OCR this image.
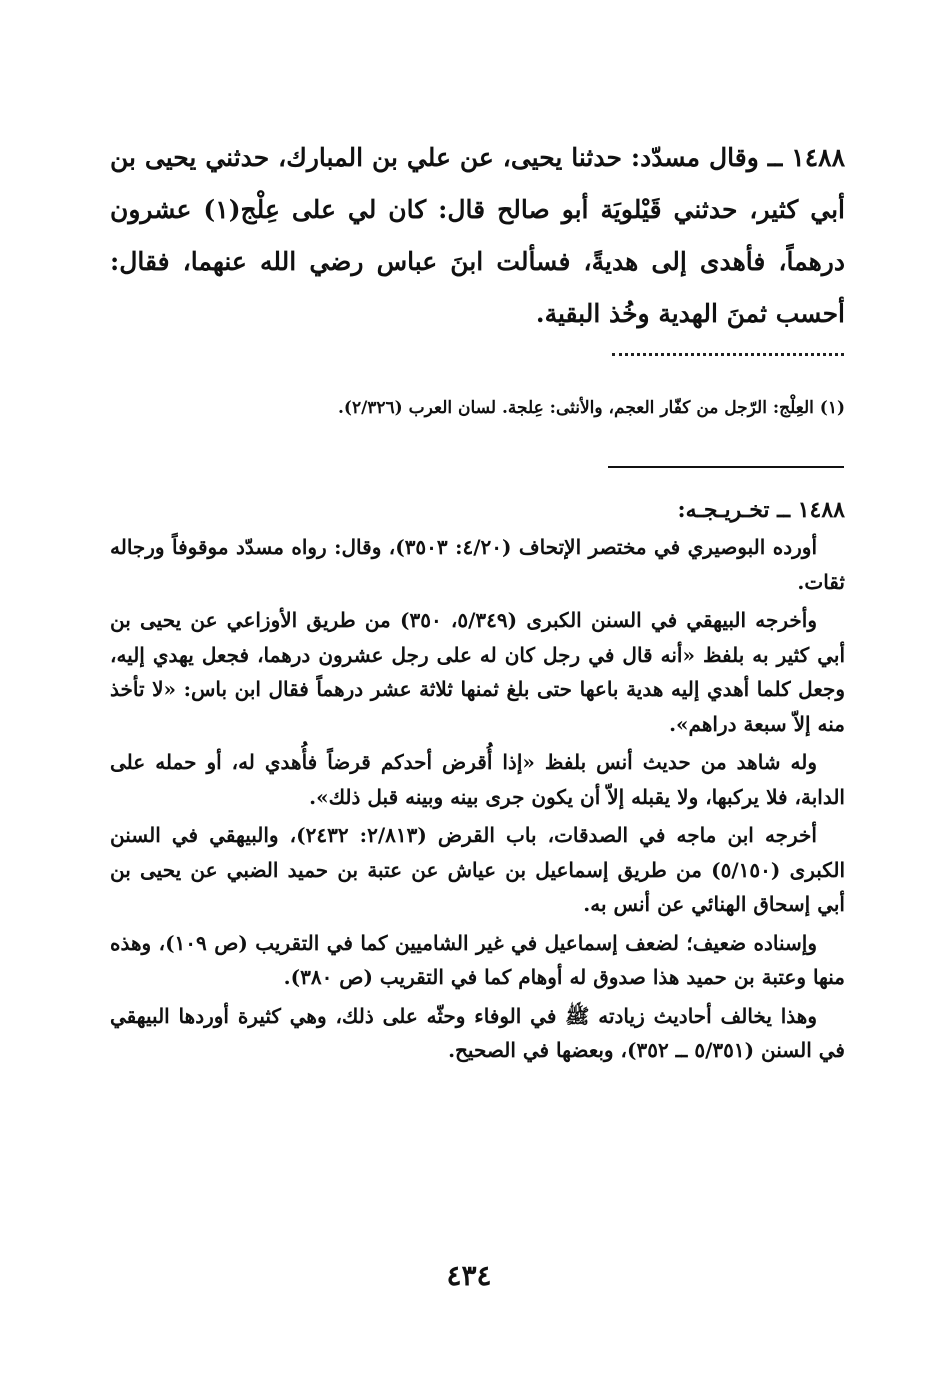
١٤٨٨ ــ وقال مسدّد: حدثنا يحيى، عن علي بن المبارك، حدثني يحيى بن أبي كثير، حدثني قَيْلويَة أبو صالح قال: كان لي على عِلْج(١) عشرون درهماً، فأهدى إلى هديةً، فسألت ابنَ عباس رضي الله عنهما، فقال: أحسب ثمنَ الهدية وخُذ البقية.

(١) العِلْج: الرّجل من كفّار العجم، والأنثى: عِلجة. لسان العرب (٢/٣٢٦).

١٤٨٨ ــ تخـريـجـه:

أورده البوصيري في مختصر الإتحاف (٤/٢٠: ٣٥٠٣)، وقال: رواه مسدّد موقوفاً ورجاله ثقات.

وأخرجه البيهقي في السنن الكبرى (٥/٣٤٩، ٣٥٠) من طريق الأوزاعي عن يحيى بن أبي كثير به بلفظ «أنه قال في رجل كان له على رجل عشرون درهما، فجعل يهدي إليه، وجعل كلما أهدي إليه هدية باعها حتى بلغ ثمنها ثلاثة عشر درهماً فقال ابن باس: «لا تأخذ منه إلاّ سبعة دراهم».

وله شاهد من حديث أنس بلفظ «إذا أُقرض أحدكم قرضاً فأُهدي له، أو حمله على الدابة، فلا يركبها، ولا يقبله إلاّ أن يكون جرى بينه وبينه قبل ذلك».

أخرجه ابن ماجه في الصدقات، باب القرض (٢/٨١٣: ٢٤٣٢)، والبيهقي في السنن الكبرى (٥/١٥٠) من طريق إسماعيل بن عياش عن عتبة بن حميد الضبي عن يحيى بن أبي إسحاق الهنائي عن أنس به.

وإسناده ضعيف؛ لضعف إسماعيل في غير الشاميين كما في التقريب (ص ١٠٩)، وهذه منها وعتبة بن حميد هذا صدوق له أوهام كما في التقريب (ص ٣٨٠).

وهذا يخالف أحاديث زيادته ﷺ في الوفاء وحثّه على ذلك، وهي كثيرة أوردها البيهقي في السنن (٥/٣٥١ ــ ٣٥٢)، وبعضها في الصحيح.

٤٣٤
